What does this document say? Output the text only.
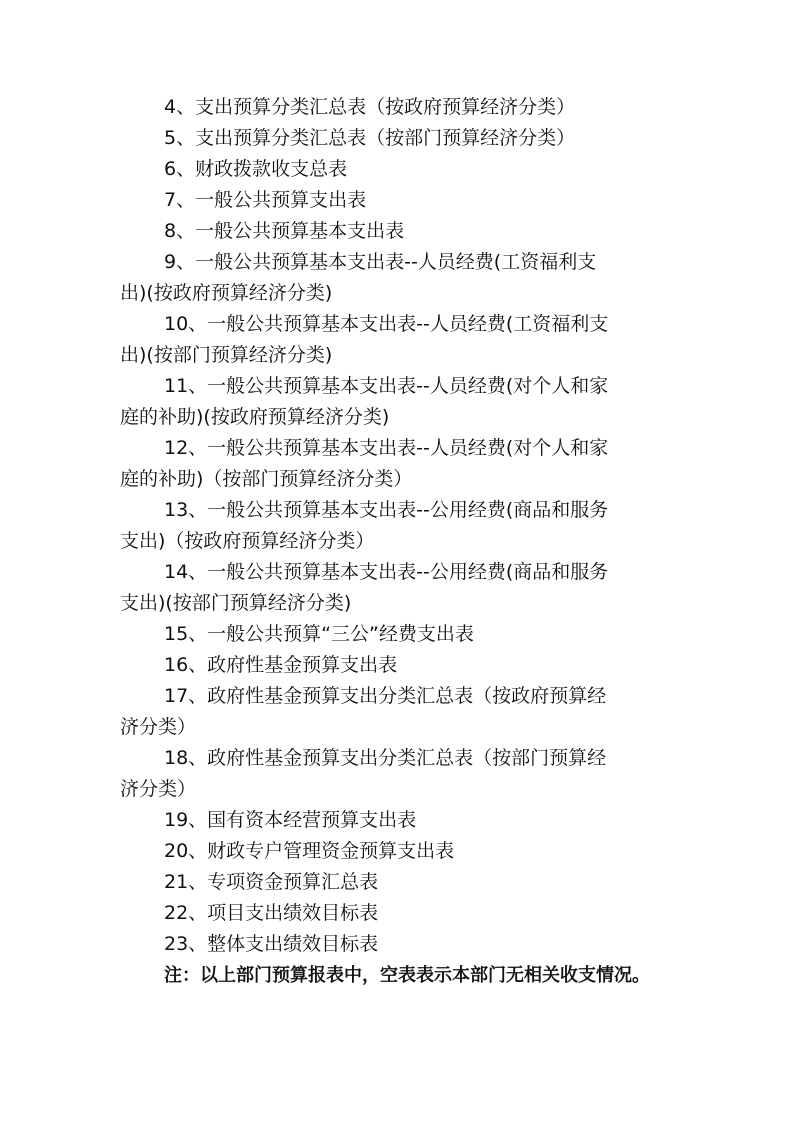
4、支出预算分类汇总表（按政府预算经济分类）

5、支出预算分类汇总表（按部门预算经济分类）

6、财政拨款收支总表

7、一般公共预算支出表

8、一般公共预算基本支出表

9、一般公共预算基本支出表--人员经费(工资福利支
出)(按政府预算经济分类)

10、一般公共预算基本支出表--人员经费(工资福利支
出)(按部门预算经济分类)

11、一般公共预算基本支出表--人员经费(对个人和家
庭的补助)(按政府预算经济分类)

12、一般公共预算基本支出表--人员经费(对个人和家
庭的补助)（按部门预算经济分类）

13、一般公共预算基本支出表--公用经费(商品和服务
支出)（按政府预算经济分类）

14、一般公共预算基本支出表--公用经费(商品和服务
支出)(按部门预算经济分类)

15、一般公共预算“三公”经费支出表

16、政府性基金预算支出表

17、政府性基金预算支出分类汇总表（按政府预算经
济分类）

18、政府性基金预算支出分类汇总表（按部门预算经
济分类）

19、国有资本经营预算支出表

20、财政专户管理资金预算支出表

21、专项资金预算汇总表

22、项目支出绩效目标表

23、整体支出绩效目标表

注：以上部门预算报表中，空表表示本部门无相关收支情况。
